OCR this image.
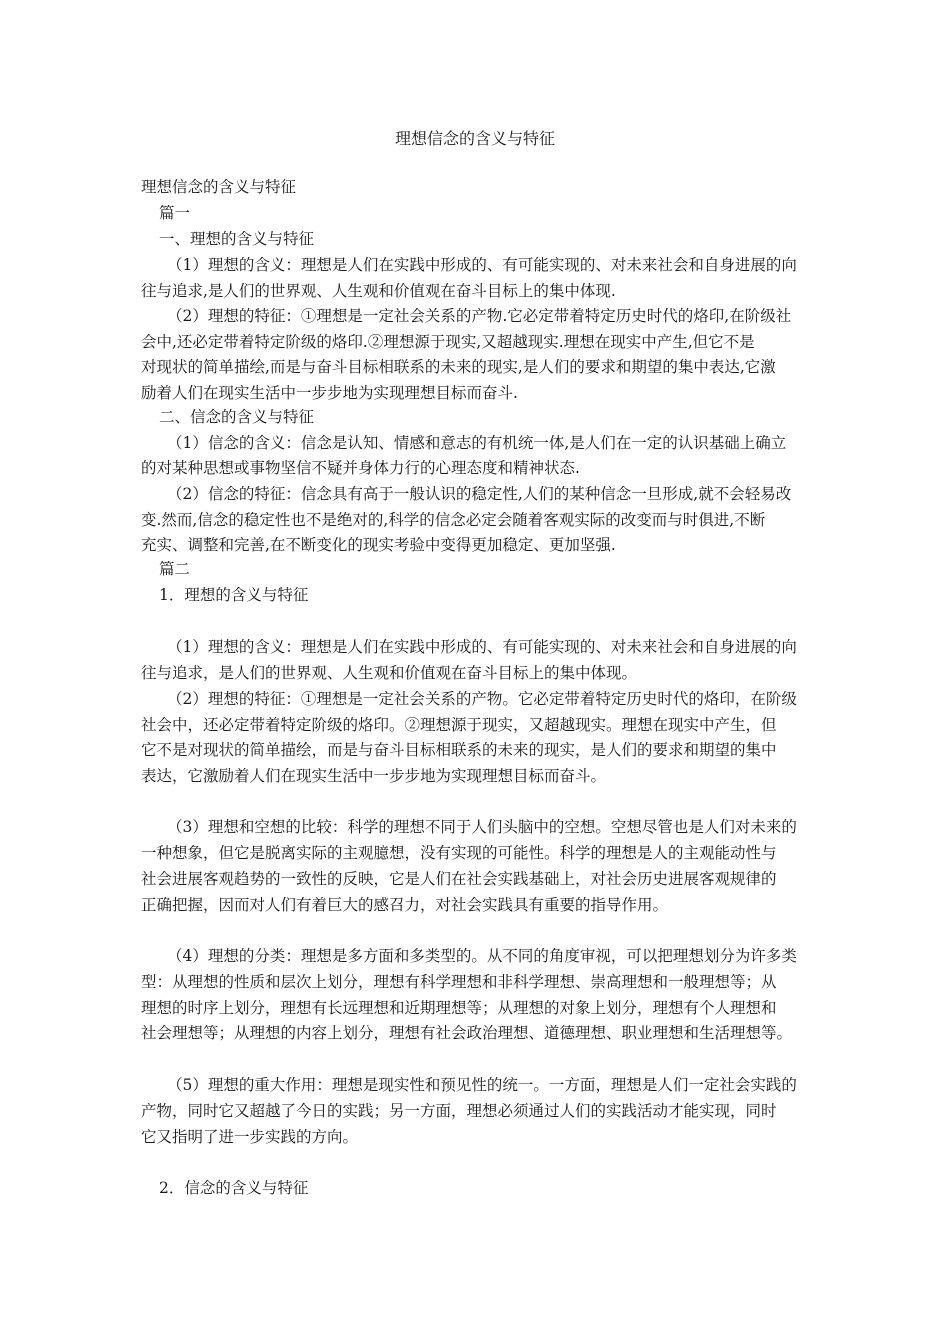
理想信念的含义与特征
理想信念的含义与特征
篇一
一、理想的含义与特征
（1）理想的含义：理想是人们在实践中形成的、有可能实现的、对未来社会和自身进展的向
往与追求,是人们的世界观、人生观和价值观在奋斗目标上的集中体现.
（2）理想的特征：①理想是一定社会关系的产物.它必定带着特定历史时代的烙印,在阶级社
会中,还必定带着特定阶级的烙印.②理想源于现实,又超越现实.理想在现实中产生,但它不是
对现状的简单描绘,而是与奋斗目标相联系的未来的现实,是人们的要求和期望的集中表达,它激
励着人们在现实生活中一步步地为实现理想目标而奋斗.
二、信念的含义与特征
（1）信念的含义：信念是认知、情感和意志的有机统一体,是人们在一定的认识基础上确立
的对某种思想或事物坚信不疑并身体力行的心理态度和精神状态.
（2）信念的特征：信念具有高于一般认识的稳定性,人们的某种信念一旦形成,就不会轻易改
变.然而,信念的稳定性也不是绝对的,科学的信念必定会随着客观实际的改变而与时俱进,不断
充实、调整和完善,在不断变化的现实考验中变得更加稳定、更加坚强.
篇二
1．理想的含义与特征
（1）理想的含义：理想是人们在实践中形成的、有可能实现的、对未来社会和自身进展的向
往与追求，是人们的世界观、人生观和价值观在奋斗目标上的集中体现。
（2）理想的特征：①理想是一定社会关系的产物。它必定带着特定历史时代的烙印，在阶级
社会中，还必定带着特定阶级的烙印。②理想源于现实，又超越现实。理想在现实中产生，但
它不是对现状的简单描绘，而是与奋斗目标相联系的未来的现实，是人们的要求和期望的集中
表达，它激励着人们在现实生活中一步步地为实现理想目标而奋斗。
（3）理想和空想的比较：科学的理想不同于人们头脑中的空想。空想尽管也是人们对未来的
一种想象，但它是脱离实际的主观臆想，没有实现的可能性。科学的理想是人的主观能动性与
社会进展客观趋势的一致性的反映，它是人们在社会实践基础上，对社会历史进展客观规律的
正确把握，因而对人们有着巨大的感召力，对社会实践具有重要的指导作用。
（4）理想的分类：理想是多方面和多类型的。从不同的角度审视，可以把理想划分为许多类
型：从理想的性质和层次上划分，理想有科学理想和非科学理想、崇高理想和一般理想等；从
理想的时序上划分，理想有长远理想和近期理想等；从理想的对象上划分，理想有个人理想和
社会理想等；从理想的内容上划分，理想有社会政治理想、道德理想、职业理想和生活理想等。
（5）理想的重大作用：理想是现实性和预见性的统一。一方面，理想是人们一定社会实践的
产物，同时它又超越了今日的实践；另一方面，理想必须通过人们的实践活动才能实现，同时
它又指明了进一步实践的方向。
2．信念的含义与特征
